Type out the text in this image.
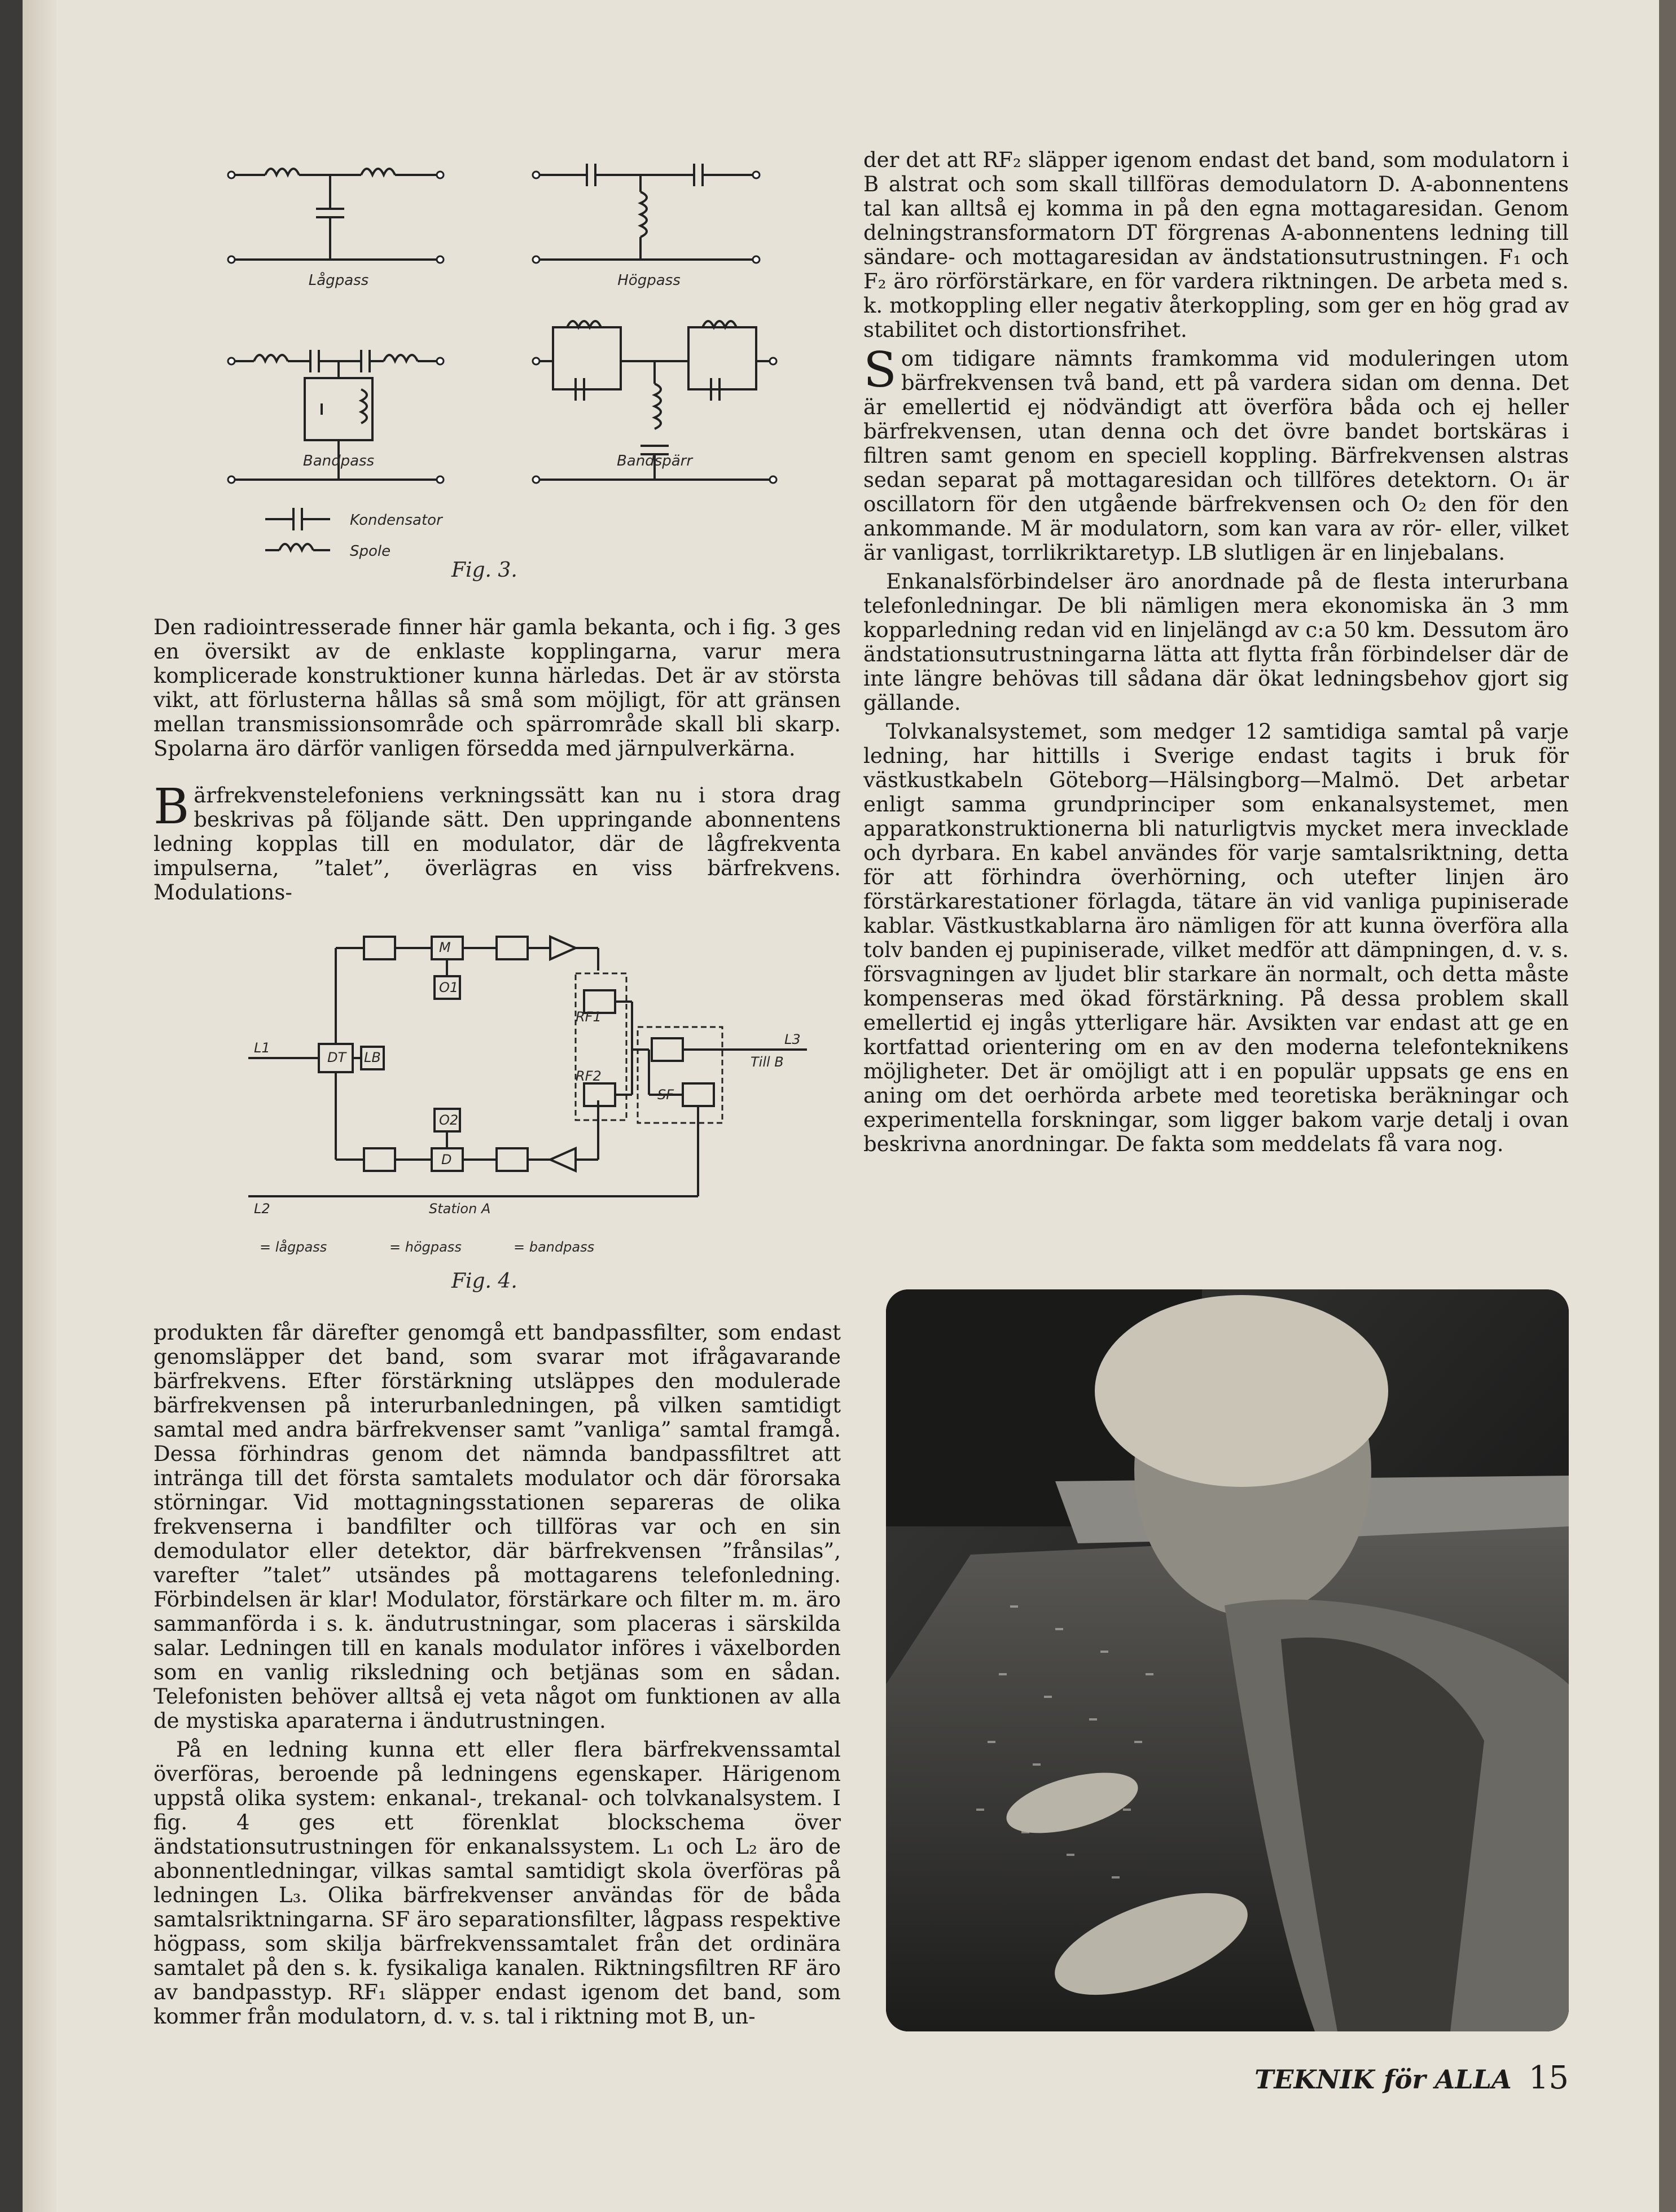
Lågpass	Högpass
Bandpass	Bandspärr
Kondensator
Spole
Fig. 3.

Den radiointresserade finner här gamla bekanta, och i fig. 3 ges en översikt av de enklaste kopplingarna, varur mera komplicerade konstruktioner kunna härledas. Det är av största vikt, att förlusterna hållas så små som möjligt, för att gränsen mellan transmissionsområde och spärrområde skall bli skarp. Spolarna äro därför vanligen försedda med järnpulverkärna.

Bärfrekvenstelefoniens verkningssätt kan nu i stora drag beskrivas på följande sätt. Den uppringande abonnentens ledning kopplas till en modulator, där de lågfrekventa impulserna, ”talet”, överlägras en viss bärfrekvens. Modulations-

DT LB
M
O1
O2
D
RF1
RF2
SF
L1
L2
L3
Till B
Station A
= lågpass	= högpass	= bandpass
Fig. 4.

produkten får därefter genomgå ett bandpassfilter, som endast genomsläpper det band, som svarar mot ifrågavarande bärfrekvens. Efter förstärkning utsläppes den modulerade bärfrekvensen på interurbanledningen, på vilken samtidigt samtal med andra bärfrekvenser samt ”vanliga” samtal framgå. Dessa förhindras genom det nämnda bandpassfiltret att intränga till det första samtalets modulator och där förorsaka störningar. Vid mottagningsstationen separeras de olika frekvenserna i bandfilter och tillföras var och en sin demodulator eller detektor, där bärfrekvensen ”frånsilas”, varefter ”talet” utsändes på mottagarens telefonledning. Förbindelsen är klar! Modulator, förstärkare och filter m. m. äro sammanförda i s. k. ändutrustningar, som placeras i särskilda salar. Ledningen till en kanals modulator införes i växelborden som en vanlig riksledning och betjänas som en sådan. Telefonisten behöver alltså ej veta något om funktionen av alla de mystiska aparaterna i ändutrustningen.

På en ledning kunna ett eller flera bärfrekvenssamtal överföras, beroende på ledningens egenskaper. Härigenom uppstå olika system: enkanal-, trekanal- och tolvkanalsystem. I fig. 4 ges ett förenklat blockschema över ändstationsutrustningen för enkanalssystem. L₁ och L₂ äro de abonnentledningar, vilkas samtal samtidigt skola överföras på ledningen L₃. Olika bärfrekvenser användas för de båda samtalsriktningarna. SF äro separationsfilter, lågpass respektive högpass, som skilja bärfrekvenssamtalet från det ordinära samtalet på den s. k. fysikaliga kanalen. Riktningsfiltren RF äro av bandpasstyp. RF₁ släpper endast igenom det band, som kommer från modulatorn, d. v. s. tal i riktning mot B, un-

der det att RF₂ släpper igenom endast det band, som modulatorn i B alstrat och som skall tillföras demodulatorn D. A-abonnentens tal kan alltså ej komma in på den egna mottagaresidan. Genom delningstransformatorn DT förgrenas A-abonnentens ledning till sändare- och mottagaresidan av ändstationsutrustningen. F₁ och F₂ äro rörförstärkare, en för vardera riktningen. De arbeta med s. k. motkoppling eller negativ återkoppling, som ger en hög grad av stabilitet och distortionsfrihet.

Som tidigare nämnts framkomma vid moduleringen utom bärfrekvensen två band, ett på vardera sidan om denna. Det är emellertid ej nödvändigt att överföra båda och ej heller bärfrekvensen, utan denna och det övre bandet bortskäras i filtren samt genom en speciell koppling. Bärfrekvensen alstras sedan separat på mottagaresidan och tillföres detektorn. O₁ är oscillatorn för den utgående bärfrekvensen och O₂ den för den ankommande. M är modulatorn, som kan vara av rör- eller, vilket är vanligast, torrlikriktaretyp. LB slutligen är en linjebalans.

Enkanalsförbindelser äro anordnade på de flesta interurbana telefonledningar. De bli nämligen mera ekonomiska än 3 mm kopparledning redan vid en linjelängd av c:a 50 km. Dessutom äro ändstationsutrustningarna lätta att flytta från förbindelser där de inte längre behövas till sådana där ökat ledningsbehov gjort sig gällande.

Tolvkanalsystemet, som medger 12 samtidiga samtal på varje ledning, har hittills i Sverige endast tagits i bruk för västkustkabeln Göteborg—Hälsingborg—Malmö. Det arbetar enligt samma grundprinciper som enkanalsystemet, men apparatkonstruktionerna bli naturligtvis mycket mera invecklade och dyrbara. En kabel användes för varje samtalsriktning, detta för att förhindra överhörning, och utefter linjen äro förstärkarestationer förlagda, tätare än vid vanliga pupiniserade kablar. Västkustkablarna äro nämligen för att kunna överföra alla tolv banden ej pupiniserade, vilket medför att dämpningen, d. v. s. försvagningen av ljudet blir starkare än normalt, och detta måste kompenseras med ökad förstärkning. På dessa problem skall emellertid ej ingås ytterligare här. Avsikten var endast att ge en kortfattad orientering om en av den moderna telefonteknikens möjligheter. Det är omöjligt att i en populär uppsats ge ens en aning om det oerhörda arbete med teoretiska beräkningar och experimentella forskningar, som ligger bakom varje detalj i ovan beskrivna anordningar. De fakta som meddelats få vara nog.

TEKNIK för ALLA 15
